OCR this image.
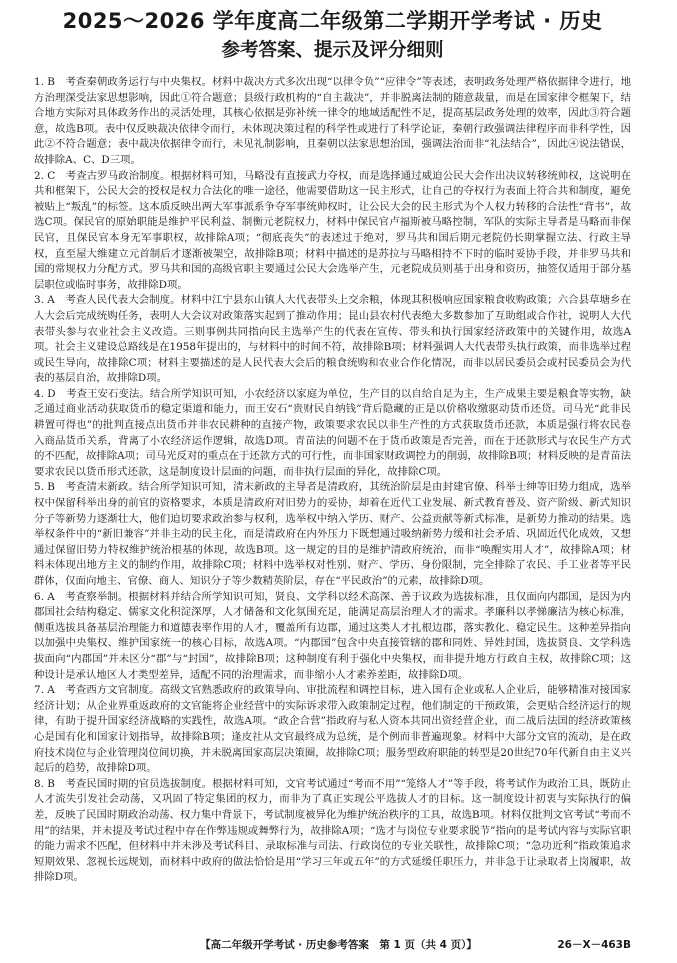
2025～2026 学年度高二年级第二学期开学考试 · 历史
参考答案、提示及评分细则

1. B　考查秦朝政务运行与中央集权。材料中裁决方式多次出现“以律令负”“应律令”等表述，表明政务处理严格依据律令进行，地方治理深受法家思想影响，因此①符合题意；县级行政机构的“自主裁决”，并非脱离法制的随意裁量，而是在国家律令框架下，结合地方实际对具体政务作出的灵活处理，其核心依据是弥补统一律令的地域适配性不足，提高基层政务处理的效率，因此③符合题意，故选B项。表中仅反映裁决依律令而行，未体现决策过程的科学性或进行了科学论证，秦朝行政强调法律程序而非科学性，因此②不符合题意；表中裁决依据律令而行，未见礼制影响，且秦朝以法家思想治国，强调法治而非“礼法结合”，因此④说法错误，故排除A、C、D三项。

2. C　考查古罗马政治制度。根据材料可知，马略没有直接武力夺权，而是选择通过威迫公民大会作出决议转移统帅权，这说明在共和框架下，公民大会的授权是权力合法化的唯一途径，他需要借助这一民主形式，让自己的夺权行为表面上符合共和制度，避免被贴上“叛乱”的标签。这本质反映出两大军事派系争夺军事统帅权时，让公民大会的民主形式为个人权力转移的合法性“背书”，故选C项。保民官的原始职能是维护平民利益、制衡元老院权力，材料中保民官卢福斯被马略控制，军队的实际主导者是马略而非保民官，且保民官本身无军事职权，故排除A项；“彻底丧失”的表述过于绝对，罗马共和国后期元老院仍长期掌握立法、行政主导权，直至屋大维建立元首制后才逐渐被架空，故排除B项；材料中描述的是苏拉与马略相持不下时的临时妥协手段，并非罗马共和国的常规权力分配方式。罗马共和国的高级官职主要通过公民大会选举产生，元老院成员则基于出身和资历，抽签仅适用于部分基层职位或临时事务，故排除D项。

3. A　考查人民代表大会制度。材料中江宁县东山镇人大代表带头上交余粮，体现其积极响应国家粮食收购政策；六合县草塘乡在人大会后完成统购任务，表明人大会议对政策落实起到了推动作用；昆山县农村代表绝大多数参加了互助组或合作社，说明人大代表带头参与农业社会主义改造。三则事例共同指向民主选举产生的代表在宣传、带头和执行国家经济政策中的关键作用，故选A项。社会主义建设总路线是在1958年提出的，与材料中的时间不符，故排除B项；材料强调人大代表带头执行政策，而非选举过程或民生导向，故排除C项；材料主要描述的是人民代表大会后的粮食统购和农业合作化情况，而非以居民委员会或村民委员会为代表的基层自治，故排除D项。

4. D　考查王安石变法。结合所学知识可知，小农经济以家庭为单位，生产目的以自给自足为主，生产成果主要是粮食等实物，缺乏通过商业活动获取货币的稳定渠道和能力，而王安石“贵财民自纳钱”背后隐藏的正是以价格收缴驱动货币还贷。司马光“此非民耕置可得也”的批判直接点出货币并非农民耕种的直接产物，政策要求农民以非生产性的方式获取货币还款，本质是强行将农民卷入商品货币关系，背离了小农经济运作逻辑，故选D项。青苗法的问题不在于货币政策是否完善，而在于还款形式与农民生产方式的不匹配，故排除A项；司马光反对的重点在于还款方式的可行性，而非国家财政调控力的削弱，故排除B项；材料反映的是青苗法要求农民以货币形式还款，这是制度设计层面的问题，而非执行层面的异化，故排除C项。

5. B　考查清末新政。结合所学知识可知，清末新政的主导者是清政府，其统治阶层是由封建官僚、科举士绅等旧势力组成，选举权中保留科举出身的前官的资格要求，本质是清政府对旧势力的妥协，却着在近代工业发展、新式教育普及、资产阶级、新式知识分子等新势力逐渐壮大，他们迫切要求政治参与权利，选举权中纳入学历、财产、公益贡献等新式标准，是新势力推动的结果。选举权条件中的“新旧兼容”并非主动的民主化，而是清政府在内外压力下既想通过吸纳新势力缓和社会矛盾、巩固近代化成效，又想通过保留旧势力特权维护统治根基的体现，故选B项。这一规定的目的是维护清政府统治，而非“唤醒实用人才”，故排除A项；材料未体现出地方主义的制约作用，故排除C项；材料中选举权对性别、财产、学历、身份限制，完全排除了农民、手工业者等平民群体，仅面向地主、官僚、商人、知识分子等少数精英阶层，存在“平民政治”的元素，故排除D项。

6. A　考查察举制。根据材料并结合所学知识可知，贤良、文学科以经术高深、善于议政为选拔标准，且仅面向内郡国，是因为内郡国社会结构稳定、儒家文化积淀深厚，人才储备和文化氛围充足，能满足高层治理人才的需求。孝廉科以孝悌廉洁为核心标准，侧重选拔具备基层治理能力和道德表率作用的人才，覆盖所有边郡，通过这类人才扎根边郡，落实教化、稳定民生。这种差异指向以加强中央集权、维护国家统一的核心目标，故选A项。“内郡国”包含中央直接管辖的郡和同姓、异姓封国，选拔贤良、文学科选拔面向“内郡国”并未区分“郡”与“封国”，故排除B项；这种制度有利于强化中央集权，而非提升地方行政自主权，故排除C项；这种设计是承认地区人才类型差异，适配不同的治理需求，而非缩小人才素养差距，故排除D项。

7. A　考查西方文官制度。高级文官熟悉政府的政策导向、审批流程和调控目标，进入国有企业或私人企业后，能够精准对接国家经济计划；从企业界重返政府的文官能将企业经营中的实际诉求带入政策制定过程，他们制定的干预政策，会更贴合经济运行的规律，有助于提升国家经济战略的实践性，故选A项。“政企合营”指政府与私人资本共同出资经营企业，而二战后法国的经济政策核心是国有化和国家计划指导，故排除B项；逢皮社从文官最终成为总统，是个例而非普遍现象。材料中大部分文官的流动，是在政府技术岗位与企业管理岗位间切换，并未脱离国家高层决策圈，故排除C项；服务型政府职能的转型是20世纪70年代新自由主义兴起后的趋势，故排除D项。

8. B　考查民国时期的官员选拔制度。根据材料可知，文官考试通过“考而不用”“笼络人才”等手段，将考试作为政治工具，既防止人才流失引发社会动荡，又巩固了特定集团的权力，而非为了真正实现公平选拔人才的目标。这一制度设计初衷与实际执行的偏差，反映了民国时期政治动荡、权力集中背景下，考试制度被异化为维护统治秩序的工具，故选B项。材料仅批判文官考试“考而不用”的结果，并未提及考试过程中存在作弊违规或舞弊行为，故排除A项；“选才与岗位专业要求脱节”指向的是考试内容与实际官职的能力需求不匹配，但材料中并未涉及考试科目、录取标准与司法、行政岗位的专业关联性，故排除C项；“急功近利”指政策追求短期效果、忽视长远规划，而材料中政府的做法恰恰是用“学习三年或五年”的方式延缓任职压力，并非急于让录取者上岗履职，故排除D项。

【高二年级开学考试 · 历史参考答案　第 1 页（共 4 页）】	26－X－463B
